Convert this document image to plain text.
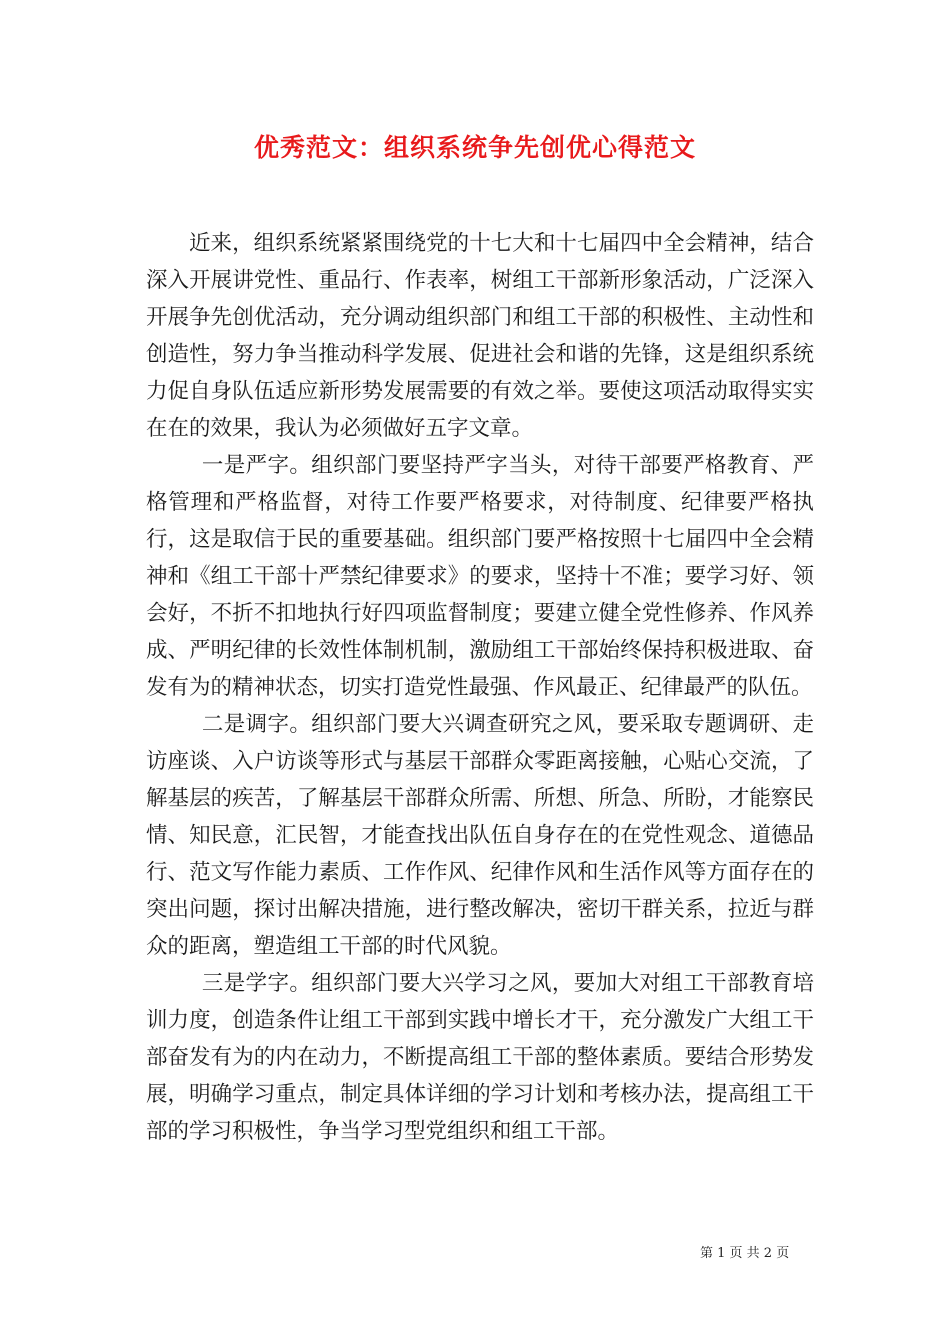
优秀范文：组织系统争先创优心得范文

近来，组织系统紧紧围绕党的十七大和十七届四中全会精神，结合深入开展讲党性、重品行、作表率，树组工干部新形象活动，广泛深入开展争先创优活动，充分调动组织部门和组工干部的积极性、主动性和创造性，努力争当推动科学发展、促进社会和谐的先锋，这是组织系统力促自身队伍适应新形势发展需要的有效之举。要使这项活动取得实实在在的效果，我认为必须做好五字文章。

一是严字。组织部门要坚持严字当头，对待干部要严格教育、严格管理和严格监督，对待工作要严格要求，对待制度、纪律要严格执行，这是取信于民的重要基础。组织部门要严格按照十七届四中全会精神和《组工干部十严禁纪律要求》的要求，坚持十不准；要学习好、领会好，不折不扣地执行好四项监督制度；要建立健全党性修养、作风养成、严明纪律的长效性体制机制，激励组工干部始终保持积极进取、奋发有为的精神状态，切实打造党性最强、作风最正、纪律最严的队伍。

二是调字。组织部门要大兴调查研究之风，要采取专题调研、走访座谈、入户访谈等形式与基层干部群众零距离接触，心贴心交流，了解基层的疾苦，了解基层干部群众所需、所想、所急、所盼，才能察民情、知民意，汇民智，才能查找出队伍自身存在的在党性观念、道德品行、范文写作能力素质、工作作风、纪律作风和生活作风等方面存在的突出问题，探讨出解决措施，进行整改解决，密切干群关系，拉近与群众的距离，塑造组工干部的时代风貌。

三是学字。组织部门要大兴学习之风，要加大对组工干部教育培训力度，创造条件让组工干部到实践中增长才干，充分激发广大组工干部奋发有为的内在动力，不断提高组工干部的整体素质。要结合形势发展，明确学习重点，制定具体详细的学习计划和考核办法，提高组工干部的学习积极性，争当学习型党组织和组工干部。

第 1 页 共 2 页
